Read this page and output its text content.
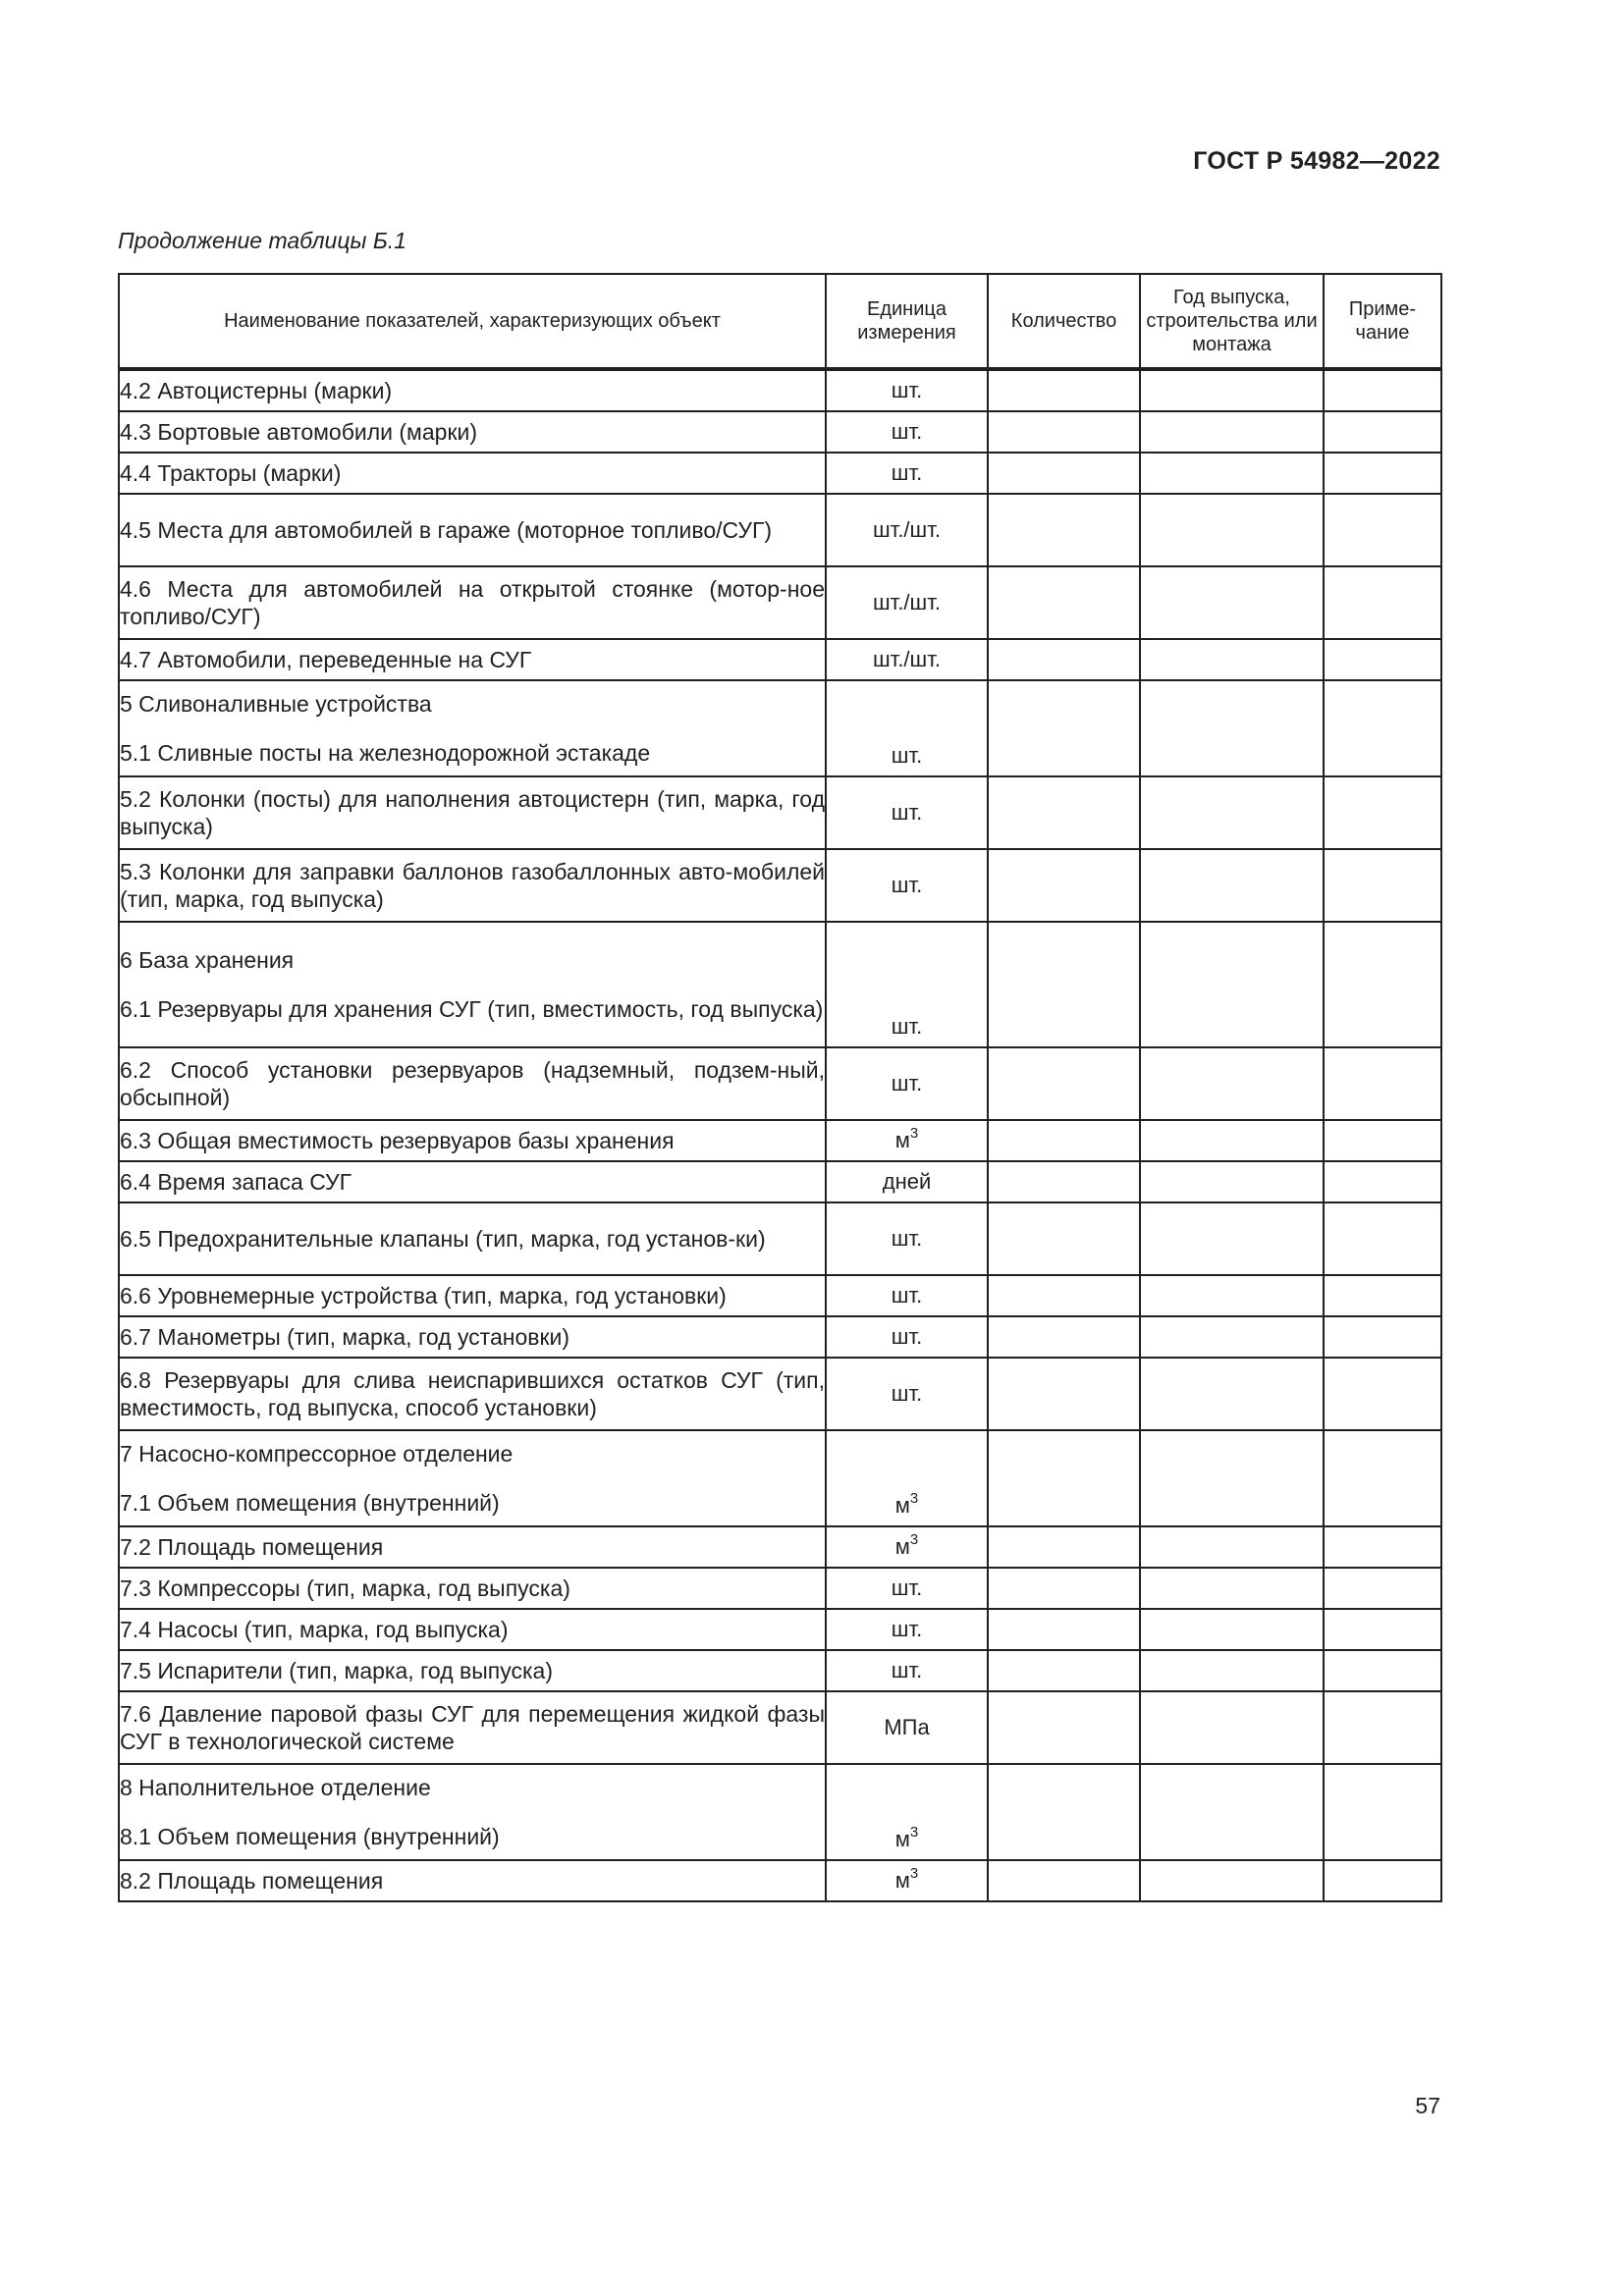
ГОСТ Р 54982—2022
Продолжение таблицы Б.1
Наименование показателей, характеризующих объект	Единица измерения	Количество	Год выпуска, строительства или монтажа	Приме-чание

4.2 Автоцистерны (марки)	шт.			

4.3 Бортовые автомобили (марки)	шт.			

4.4 Тракторы (марки)	шт.			

4.5 Места для автомобилей в гараже (моторное топливо/СУГ)	шт./шт.			

4.6 Места для автомобилей на открытой стоянке (мотор-ное топливо/СУГ)	шт./шт.			

4.7 Автомобили, переведенные на СУГ	шт./шт.			

5 Сливоналивные устройства
5.1 Сливные посты на железнодорожной эстакаде	шт.			

5.2 Колонки (посты) для наполнения автоцистерн (тип, марка, год выпуска)	шт.			

5.3 Колонки для заправки баллонов газобаллонных авто-мобилей (тип, марка, год выпуска)	шт.			

6 База хранения
6.1 Резервуары для хранения СУГ (тип, вместимость, год выпуска)	шт.			

6.2 Способ установки резервуаров (надземный, подзем-ный, обсыпной)	шт.			

6.3 Общая вместимость резервуаров базы хранения	$м^3$			

6.4 Время запаса СУГ	дней			

6.5 Предохранительные клапаны (тип, марка, год установ-ки)	шт.			

6.6 Уровнемерные устройства (тип, марка, год установки)	шт.			

6.7 Манометры (тип, марка, год установки)	шт.			

6.8 Резервуары для слива неиспарившихся остатков СУГ (тип, вместимость, год выпуска, способ установки)	шт.			

7 Насосно-компрессорное отделение
7.1 Объем помещения (внутренний)	$м^3$			

7.2 Площадь помещения	$м^3$			

7.3 Компрессоры (тип, марка, год выпуска)	шт.			

7.4 Насосы (тип, марка, год выпуска)	шт.			

7.5 Испарители (тип, марка, год выпуска)	шт.			

7.6 Давление паровой фазы СУГ для перемещения жидкой фазы СУГ в технологической системе	МПа			

8 Наполнительное отделение
8.1 Объем помещения (внутренний)	$м^3$			

8.2 Площадь помещения	$м^3$			
57
